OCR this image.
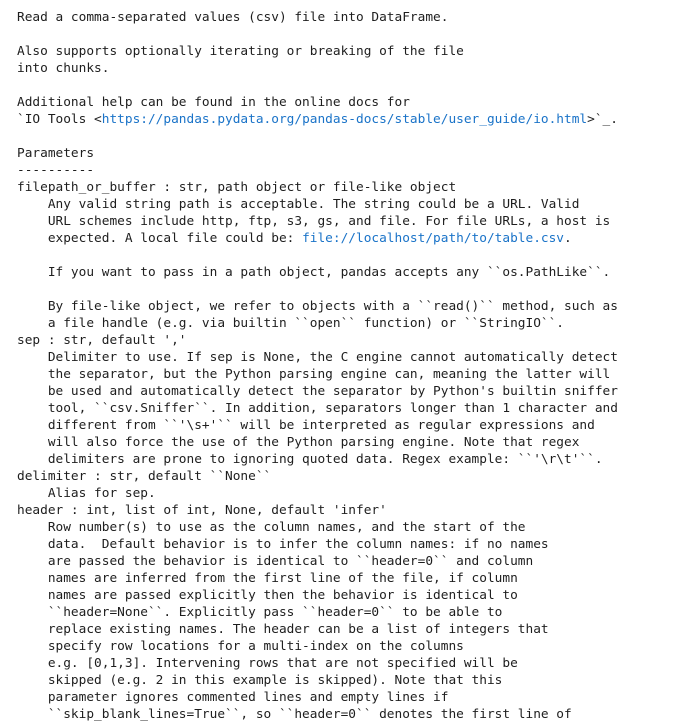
Read a comma-separated values (csv) file into DataFrame.
Also supports optionally iterating or breaking of the file
into chunks.
Additional help can be found in the online docs for
`IO Tools <https://pandas.pydata.org/pandas-docs/stable/user_guide/io.html>`_.
Parameters
----------
filepath_or_buffer : str, path object or file-like object
Any valid string path is acceptable. The string could be a URL. Valid
URL schemes include http, ftp, s3, gs, and file. For file URLs, a host is
expected. A local file could be: file://localhost/path/to/table.csv.
If you want to pass in a path object, pandas accepts any ``os.PathLike``.
By file-like object, we refer to objects with a ``read()`` method, such as
a file handle (e.g. via builtin ``open`` function) or ``StringIO``.
sep : str, default ','
Delimiter to use. If sep is None, the C engine cannot automatically detect
the separator, but the Python parsing engine can, meaning the latter will
be used and automatically detect the separator by Python's builtin sniffer
tool, ``csv.Sniffer``. In addition, separators longer than 1 character and
different from ``'\s+'`` will be interpreted as regular expressions and
will also force the use of the Python parsing engine. Note that regex
delimiters are prone to ignoring quoted data. Regex example: ``'\r\t'``.
delimiter : str, default ``None``
Alias for sep.
header : int, list of int, None, default 'infer'
Row number(s) to use as the column names, and the start of the
data.  Default behavior is to infer the column names: if no names
are passed the behavior is identical to ``header=0`` and column
names are inferred from the first line of the file, if column
names are passed explicitly then the behavior is identical to
``header=None``. Explicitly pass ``header=0`` to be able to
replace existing names. The header can be a list of integers that
specify row locations for a multi-index on the columns
e.g. [0,1,3]. Intervening rows that are not specified will be
skipped (e.g. 2 in this example is skipped). Note that this
parameter ignores commented lines and empty lines if
``skip_blank_lines=True``, so ``header=0`` denotes the first line of
